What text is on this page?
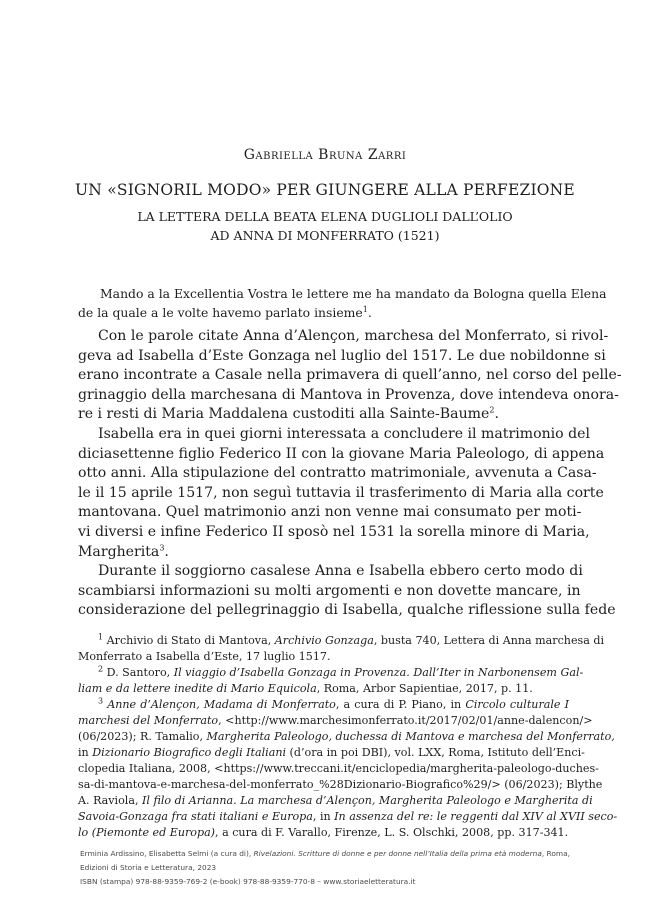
Gabriella Bruna Zarri
UN «SIGNORIL MODO» PER GIUNGERE ALLA PERFEZIONE
LA LETTERA DELLA BEATA ELENA DUGLIOLI DALL’OLIO
AD ANNA DI MONFERRATO (1521)
Mando a la Excellentia Vostra le lettere me ha mandato da Bologna quella Elena
de la quale a le volte havemo parlato insieme$^1$.
Con le parole citate Anna d’Alençon, marchesa del Monferrato, si rivol-
geva ad Isabella d’Este Gonzaga nel luglio del 1517. Le due nobildonne si
erano incontrate a Casale nella primavera di quell’anno, nel corso del pelle-
grinaggio della marchesana di Mantova in Provenza, dove intendeva onora-
re i resti di Maria Maddalena custoditi alla Sainte-Baume$^2$.
Isabella era in quei giorni interessata a concludere il matrimonio del
diciasettenne figlio Federico II con la giovane Maria Paleologo, di appena
otto anni. Alla stipulazione del contratto matrimoniale, avvenuta a Casa-
le il 15 aprile 1517, non seguì tuttavia il trasferimento di Maria alla corte
mantovana. Quel matrimonio anzi non venne mai consumato per moti-
vi diversi e infine Federico II sposò nel 1531 la sorella minore di Maria,
Margherita$^3$.
Durante il soggiorno casalese Anna e Isabella ebbero certo modo di
scambiarsi informazioni su molti argomenti e non dovette mancare, in
considerazione del pellegrinaggio di Isabella, qualche riflessione sulla fede
$^1$ Archivio di Stato di Mantova, Archivio Gonzaga, busta 740, Lettera di Anna marchesa di
Monferrato a Isabella d’Este, 17 luglio 1517.
$^2$ D. Santoro, Il viaggio d’Isabella Gonzaga in Provenza. Dall’Iter in Narbonensem Gal-
liam e da lettere inedite di Mario Equicola, Roma, Arbor Sapientiae, 2017, p. 11.
$^3$ Anne d’Alençon, Madama di Monferrato, a cura di P. Piano, in Circolo culturale I
marchesi del Monferrato, <http://www.marchesimonferrato.it/2017/02/01/anne-dalencon/>
(06/2023); R. Tamalio, Margherita Paleologo, duchessa di Mantova e marchesa del Monferrato,
in Dizionario Biografico degli Italiani (d’ora in poi DBI), vol. LXX, Roma, Istituto dell’Enci-
clopedia Italiana, 2008, <https://www.treccani.it/enciclopedia/margherita-paleologo-duches-
sa-di-mantova-e-marchesa-del-monferrato_%28Dizionario-Biografico%29/> (06/2023); Blythe
A. Raviola, Il filo di Arianna. La marchesa d’Alençon, Margherita Paleologo e Margherita di
Savoia-Gonzaga fra stati italiani e Europa, in In assenza del re: le reggenti dal XIV al XVII seco-
lo (Piemonte ed Europa), a cura di F. Varallo, Firenze, L. S. Olschki, 2008, pp. 317-341.
Erminia Ardissino, Elisabetta Selmi (a cura di), Rivelazioni. Scritture di donne e per donne nell’Italia della prima età moderna, Roma,
Edizioni di Storia e Letteratura, 2023
ISBN (stampa) 978-88-9359-769-2 (e-book) 978-88-9359-770-8 – www.storiaeletteratura.it
